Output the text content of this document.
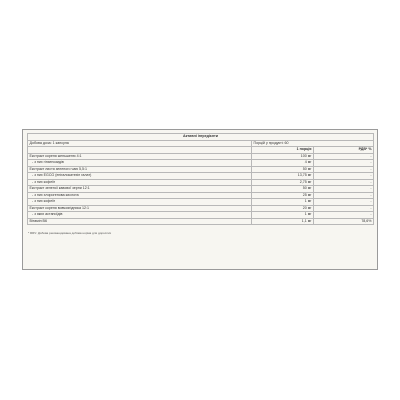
Активні інгредієнти		
Добова доза: 1 капсула	Порцій у продукті: 60	
	1 порція	РДВ* %
Екстракт кореня женьшеню 4:1	100 мг	-
- з них гінзенозидів	4 мг	-
Екстракт листя зеленого чаю 5,5:1	50 мг	-
- з них EGCG (епігалокатехін галат)	13,75 мг	-
- з них кофеїн	2,75 мг	-
Екстракт зеленої кавової зерни 12:1	50 мг	-
- з них хлорогенова кислота	25 мг	-
- з них кофеїн	1 мг	-
Екстракт кореня вовчоягідника 12:1	20 мг	-
- з яких астаноїдів	1 мг	-
Вітамін B6	1,1 мг	78,6%
* RRV: Добова рекомендована добова норма для дорослих
